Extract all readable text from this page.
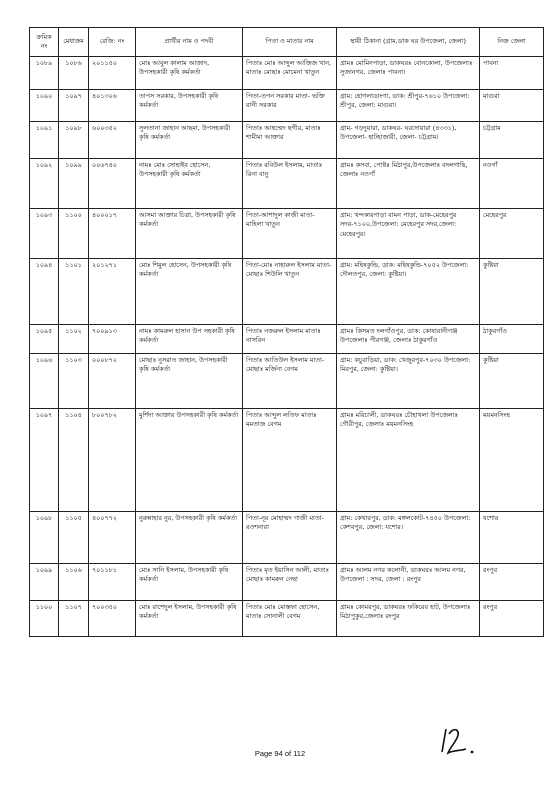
ক্রমিক নং	মেধাক্রম	রেজি: নং	প্রার্থীর নাম ও পদবী	পিতা ও মাতার নাম	স্থায়ী ঠিকানা (গ্রাম,ডাক ঘর উপজেলা, জেলা)	নিজ জেলা
১০৮৯	১০৮৬	২০১১৫০	মোঃ আবুল কালাম আজাদ, উপসহকারী কৃষি কর্মকর্তা	পিতাঃ মোঃ আব্দুল আজিজ খান, মাতাঃ মোছাঃ মোমেনা খাতুন	গ্রামঃ মোমিনপাড়া, ডাকঘরঃ বোনকোলা, উপজেলাঃ সুজানগর, জেলাঃ পাবনা।	পাবনা
১০৯০	১০৯৭	৪০১৩০৬	তাপস সরকার, উপসহকারী কৃষি কর্মকর্তা	পিতা-তপন সরকার মাতা- ভক্তি রানী সরকার	গ্রাম: হোগলাডাংগা, ডাক: শ্রীপুর-৭৬১০ উপজেলা: শ্রীপুর, জেলা: মাগুরা।	মাগুরা
১০৯১	১০৯৮	৬০০৩৫২	সুলতানা জাহান আছমা, উপসহকারী কৃষি কর্মকর্তা	পিতাঃ আহম্মেদ ছগীর, মাতাঃ শামীমা আক্তার	গ্রাম- গড়দুয়ারা, ডাকঘর- ঘরদোয়ারা (৪৩৩১), উপজেলা- হাটহাজারী, জেলা- চট্টগ্রাম।	চট্টগ্রাম
১০৯২	১০৯৯	০০৬৭৪০	নামঃ মোঃ সোহাইব হোসেন, উপসহকারী কৃষি কর্মকর্তা	পিতাঃ রবিউল ইসলাম, মাতাঃ রিনা বানু	গ্রামঃ কসবা, পোষ্টঃ মিঠাপুর,উপজেলাঃ বদলগাছি, জেলাঃ নওগাঁ	নওগাঁ
১০৯৩	১১০০	৪০০০১৭	আসমা আক্তার চিত্রা, উপসহকারী কৃষি কর্মকর্তা	পিতা-আশাদুল কাজী মাতা- মাহিলা খাতুন	গ্রাম: খন্দকারপাড়া বামন পাড়া, ডাক-মেহেরপুর সদর-৭১০০,উপজেলা: মেহেরপুর সদর,জেলা: মেহেরপুর।	মেহেরপুর
১০৯৪	১১০১	২০১২৭১	মোঃ শিমুল হোসেন, উপসহকারী কৃষি কর্মকর্তা	পিতা-মোঃ নাহারুল ইসলাম মাতা- মোছাঃ শিউলি খাতুন	গ্রাম: মহিষকুন্ডি, ডাক: মহিষকুন্ডি-৭০৫২ উপজেলা: দৌলতপুর, জেলা: কুষ্টিয়া।	কুষ্টিয়া
১০৯৫	১১০২	৭০০৯১৩	নামঃ কামরুল হাসান উপ সহকারী কৃষি কর্মকর্তা	পিতাঃ নজরুল ইসলাম মাতাঃ নাসরিন	গ্রামঃ কিসমত দলগাঁওপুর, ডাক: কোষারানীগঞ্জ উপজেলাঃ পীরগঞ্জ, জেলাঃ ঠাকুরগাঁও	ঠাকুরগাঁও
১০৯৬	১১০৩	০০০৮৭২	মোছাঃ নুসরাত জাহান, উপসহকারী কৃষি কর্মকর্তা	পিতাঃ আতিউল ইসলাম মাতা-মোছাঃ মর্জিনা বেগম	গ্রাম: কচুবাড়িয়া, ডাক: খেজুরপুর-৭০৩০ উপজেলা: মিরপুর, জেলা: কুষ্টিয়া।	কুষ্টিয়া
১০৯৭	১১০৪	৮০০৭৮২	মুর্শিদা আক্তার উপসহকারী কৃষি কর্মকর্তা	পিতাঃ আব্দুল লতিফ মাতাঃ মমতাজ বেগম	গ্রামঃ মরিচালী, ডাকঘরঃ চৌহাখলা উপজেলাঃ গৌরীপুর, জেলাঃ ময়মনসিংহ	ময়মনসিংহ
১০৯৮	১১০৫	৪০০৭৭২	নুরুন্নাহার নুর, উপসহকারী কৃষি কর্মকর্তা	পিতা-নূর মোহাম্মদ গাজী মাতা-রওশনারা	গ্রাম: কেথারপুর, ডাক: মঙ্গলকোট-৭৪৫০ উপজেলা: কেশবপুর, জেলা: যশোর।	যশোর
১০৯৯	১১০৬	৭০১১৮১	মোঃ সানি ইসলাম, উপসহকারী কৃষি কর্মকর্তা	পিতাঃ মৃত ইয়াসিন আলী, মাতাঃ মোছাঃ কামরুন নেছা	গ্রামঃ আলম নগর কলোনী, ডাকঘরঃ আলম নগর, উপজেলা : সদর, জেলা : রংপুর	রংপুর
১১০০	১১০৭	৭০০৩৫০	মোঃ রাশেদুল ইসলাম, উপসহকারী কৃষি কর্মকর্তা	পিতাঃ মোঃ মোস্তফা হোসেন, মাতাঃ সোনালী বেগম	গ্রামঃ কোমরপুর, ডাকঘরঃ ফকিরের হাট, উপজেলাঃ মিঠাপুকুর,জেলাঃ রংপুর	রংপুর
Page 94 of 112
